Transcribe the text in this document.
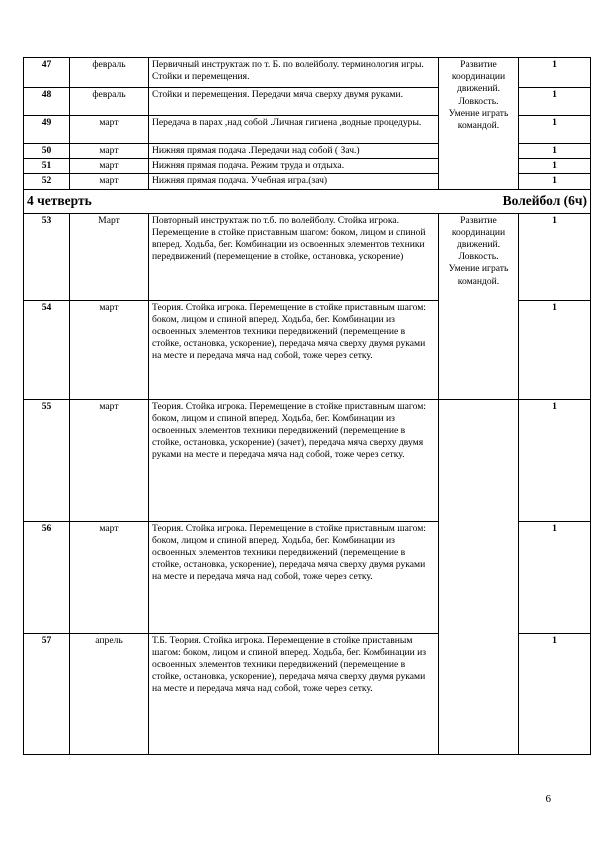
47	февраль	Первичный инструктаж по т. Б. по волейболу. терминология игры. Стойки и перемещения.	Развитие координации движений. Ловкость. Умение играть командой.	1
48	февраль	Стойки и перемещения. Передачи мяча сверху двумя руками.		1
49	март	Передача в парах ,над собой .Личная гигиена ,водные процедуры.		1
50	март	Нижняя прямая подача .Передачи над собой ( Зач.)		1
51	март	Нижняя прямая подача. Режим труда и отдыха.		1
52	март	Нижняя прямая подача. Учебная игра.(зач)		1

4 четверть Волейбол (6ч)				

53	Март	Повторный инструктаж по т.б. по волейболу. Стойка игрока. Перемещение в стойке приставным шагом: боком, лицом и спиной вперед. Ходьба, бег. Комбинации из освоенных элементов техники передвижений (перемещение в стойке, остановка, ускорение)	Развитие координации движений. Ловкость. Умение играть командой.	1
54	март	Теория. Стойка игрока. Перемещение в стойке приставным шагом: боком, лицом и спиной вперед. Ходьба, бег. Комбинации из освоенных элементов техники передвижений (перемещение в стойке, остановка, ускорение), передача мяча сверху двумя руками на месте и передача мяча над собой, тоже через сетку.		1
55	март	Теория. Стойка игрока. Перемещение в стойке приставным шагом: боком, лицом и спиной вперед. Ходьба, бег. Комбинации из освоенных элементов техники передвижений (перемещение в стойке, остановка, ускорение) (зачет), передача мяча сверху двумя руками на месте и передача мяча над собой, тоже через сетку.		1
56	март	Теория. Стойка игрока. Перемещение в стойке приставным шагом: боком, лицом и спиной вперед. Ходьба, бег. Комбинации из освоенных элементов техники передвижений (перемещение в стойке, остановка, ускорение), передача мяча сверху двумя руками на месте и передача мяча над собой, тоже через сетку.		1
57	апрель	Т.Б. Теория. Стойка игрока. Перемещение в стойке приставным шагом: боком, лицом и спиной вперед. Ходьба, бег. Комбинации из освоенных элементов техники передвижений (перемещение в стойке, остановка, ускорение), передача мяча сверху двумя руками на месте и передача мяча над собой, тоже через сетку.		1
6
